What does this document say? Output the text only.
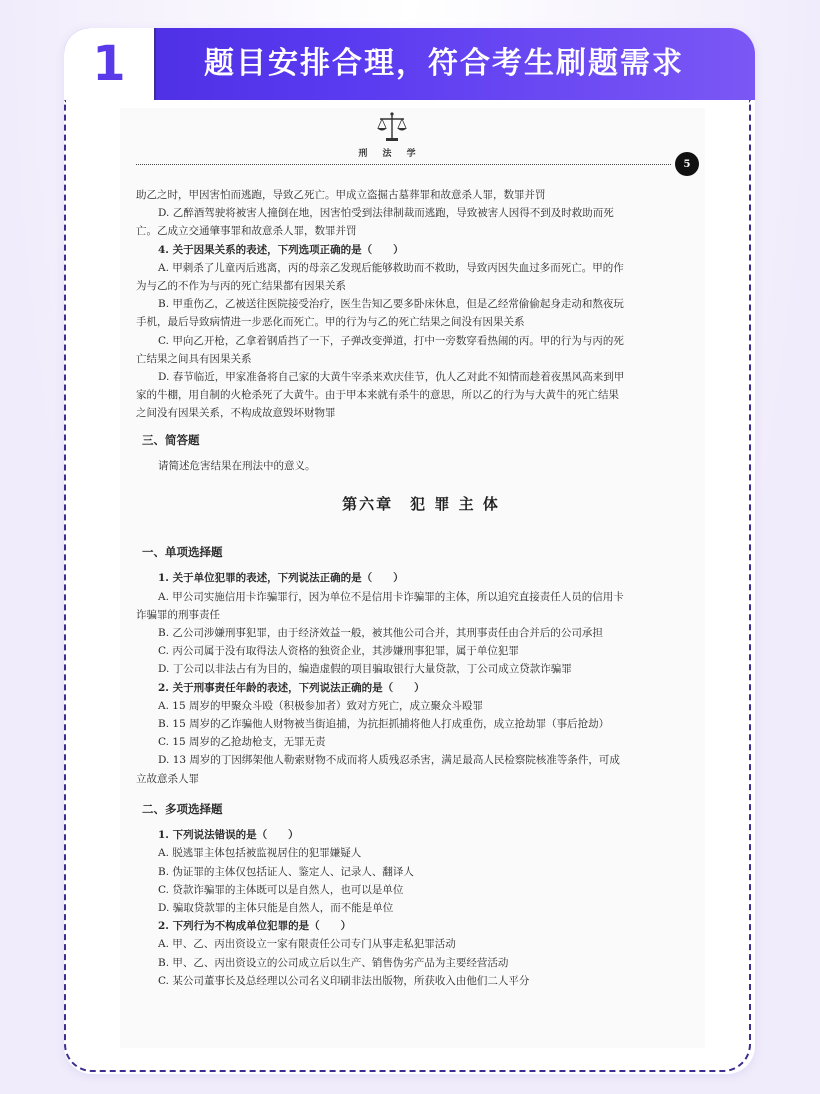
1	题目安排合理，符合考生刷题需求
刑 法 学
5
助乙之时，甲因害怕而逃跑，导致乙死亡。甲成立盗掘古墓葬罪和故意杀人罪，数罪并罚
D. 乙醉酒驾驶将被害人撞倒在地，因害怕受到法律制裁而逃跑，导致被害人因得不到及时救助而死
亡。乙成立交通肇事罪和故意杀人罪，数罪并罚
4. 关于因果关系的表述，下列选项正确的是（　　）
A. 甲刺杀了儿童丙后逃离，丙的母亲乙发现后能够救助而不救助，导致丙因失血过多而死亡。甲的作
为与乙的不作为与丙的死亡结果都有因果关系
B. 甲重伤乙，乙被送往医院接受治疗，医生告知乙要多卧床休息，但是乙经常偷偷起身走动和熬夜玩
手机，最后导致病情进一步恶化而死亡。甲的行为与乙的死亡结果之间没有因果关系
C. 甲向乙开枪，乙拿着钢盾挡了一下，子弹改变弹道，打中一旁数穿看热闹的丙。甲的行为与丙的死
亡结果之间具有因果关系
D. 春节临近，甲家准备将自己家的大黄牛宰杀来欢庆佳节，仇人乙对此不知情而趁着夜黑风高来到甲
家的牛棚，用自制的火枪杀死了大黄牛。由于甲本来就有杀牛的意思，所以乙的行为与大黄牛的死亡结果
之间没有因果关系，不构成故意毁坏财物罪
三、简答题
请简述危害结果在刑法中的意义。
第六章　犯 罪 主 体
一、单项选择题
1. 关于单位犯罪的表述，下列说法正确的是（　　）
A. 甲公司实施信用卡诈骗罪行，因为单位不是信用卡诈骗罪的主体，所以追究直接责任人员的信用卡
诈骗罪的刑事责任
B. 乙公司涉嫌刑事犯罪，由于经济效益一般，被其他公司合并，其刑事责任由合并后的公司承担
C. 丙公司属于没有取得法人资格的独资企业，其涉嫌刑事犯罪，属于单位犯罪
D. 丁公司以非法占有为目的，编造虚假的项目骗取银行大量贷款，丁公司成立贷款诈骗罪
2. 关于刑事责任年龄的表述，下列说法正确的是（　　）
A. 15 周岁的甲聚众斗殴（积极参加者）致对方死亡，成立聚众斗殴罪
B. 15 周岁的乙诈骗他人财物被当街追捕，为抗拒抓捕将他人打成重伤，成立抢劫罪（事后抢劫）
C. 15 周岁的乙抢劫枪支，无罪无责
D. 13 周岁的丁因绑架他人勒索财物不成而将人质残忍杀害，满足最高人民检察院核准等条件，可成
立故意杀人罪
二、多项选择题
1. 下列说法错误的是（　　）
A. 脱逃罪主体包括被监视居住的犯罪嫌疑人
B. 伪证罪的主体仅包括证人、鉴定人、记录人、翻译人
C. 贷款诈骗罪的主体既可以是自然人，也可以是单位
D. 骗取贷款罪的主体只能是自然人，而不能是单位
2. 下列行为不构成单位犯罪的是（　　）
A. 甲、乙、丙出资设立一家有限责任公司专门从事走私犯罪活动
B. 甲、乙、丙出资设立的公司成立后以生产、销售伪劣产品为主要经营活动
C. 某公司董事长及总经理以公司名义印刷非法出版物，所获收入由他们二人平分
